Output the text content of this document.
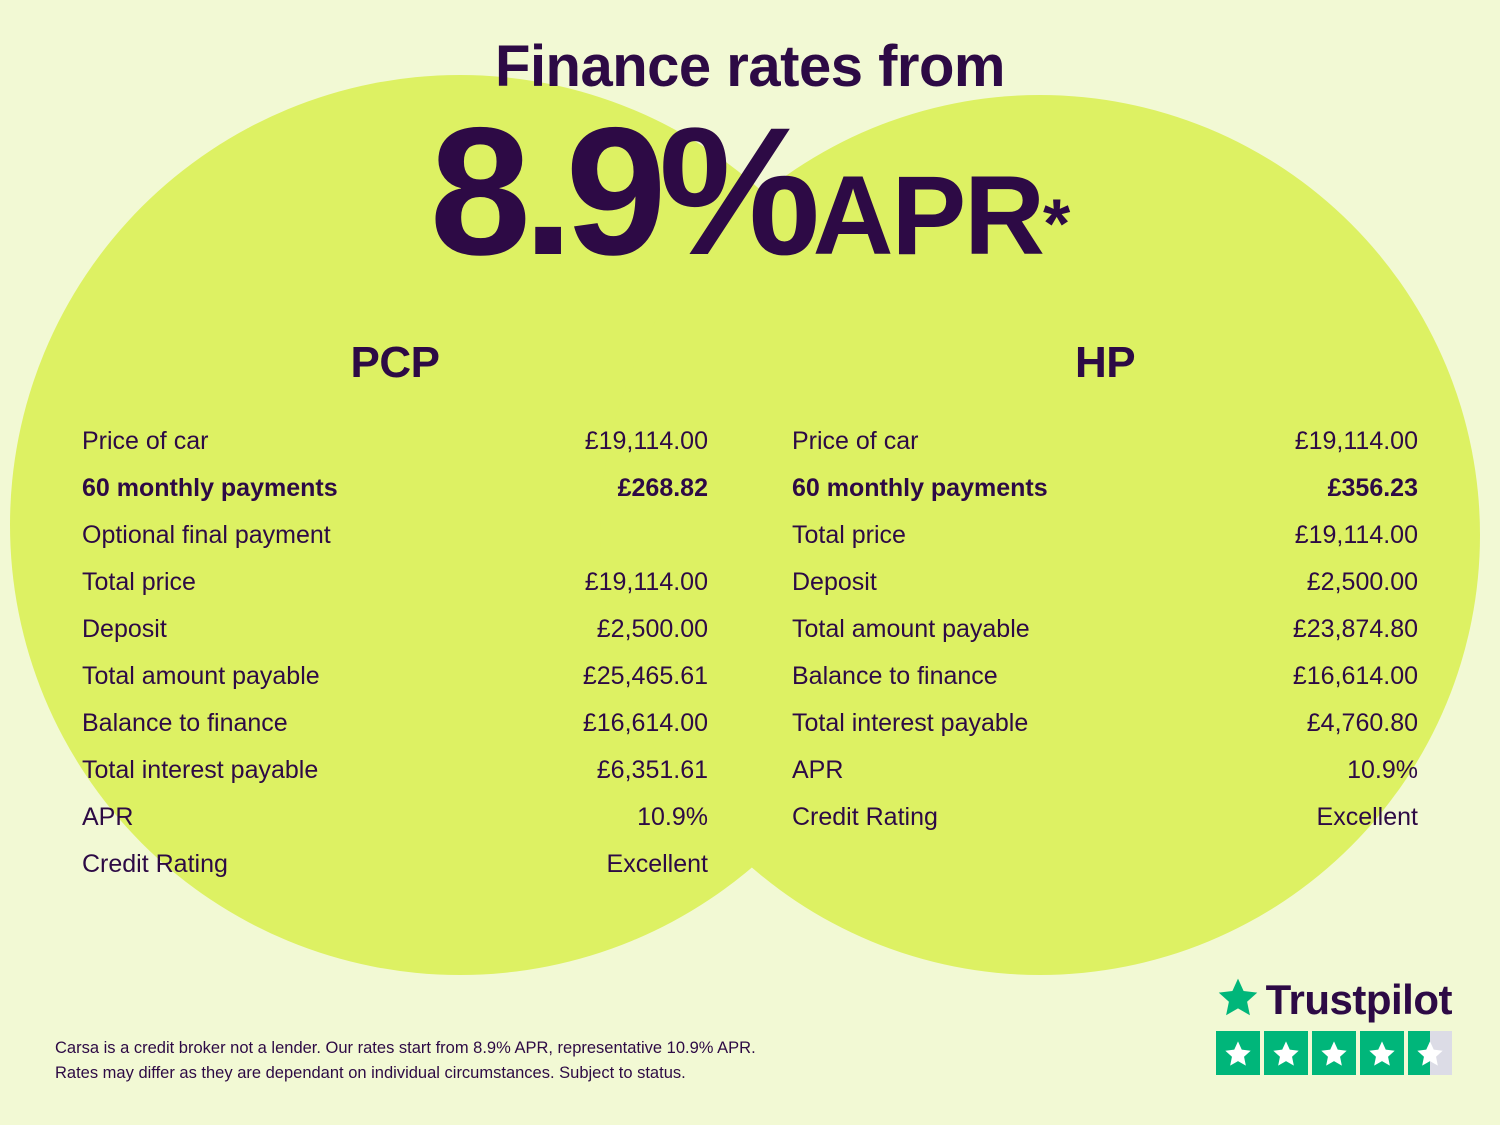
Finance rates from
8.9%APR*
PCP
Price of car	£19,114.00
60 monthly payments	£268.82
Optional final payment
Total price	£19,114.00
Deposit	£2,500.00
Total amount payable	£25,465.61
Balance to finance	£16,614.00
Total interest payable	£6,351.61
APR	10.9%
Credit Rating	Excellent
HP
Price of car	£19,114.00
60 monthly payments	£356.23
Total price	£19,114.00
Deposit	£2,500.00
Total amount payable	£23,874.80
Balance to finance	£16,614.00
Total interest payable	£4,760.80
APR	10.9%
Credit Rating	Excellent
Carsa is a credit broker not a lender. Our rates start from 8.9% APR, representative 10.9% APR.
Rates may differ as they are dependant on individual circumstances. Subject to status.
Trustpilot
